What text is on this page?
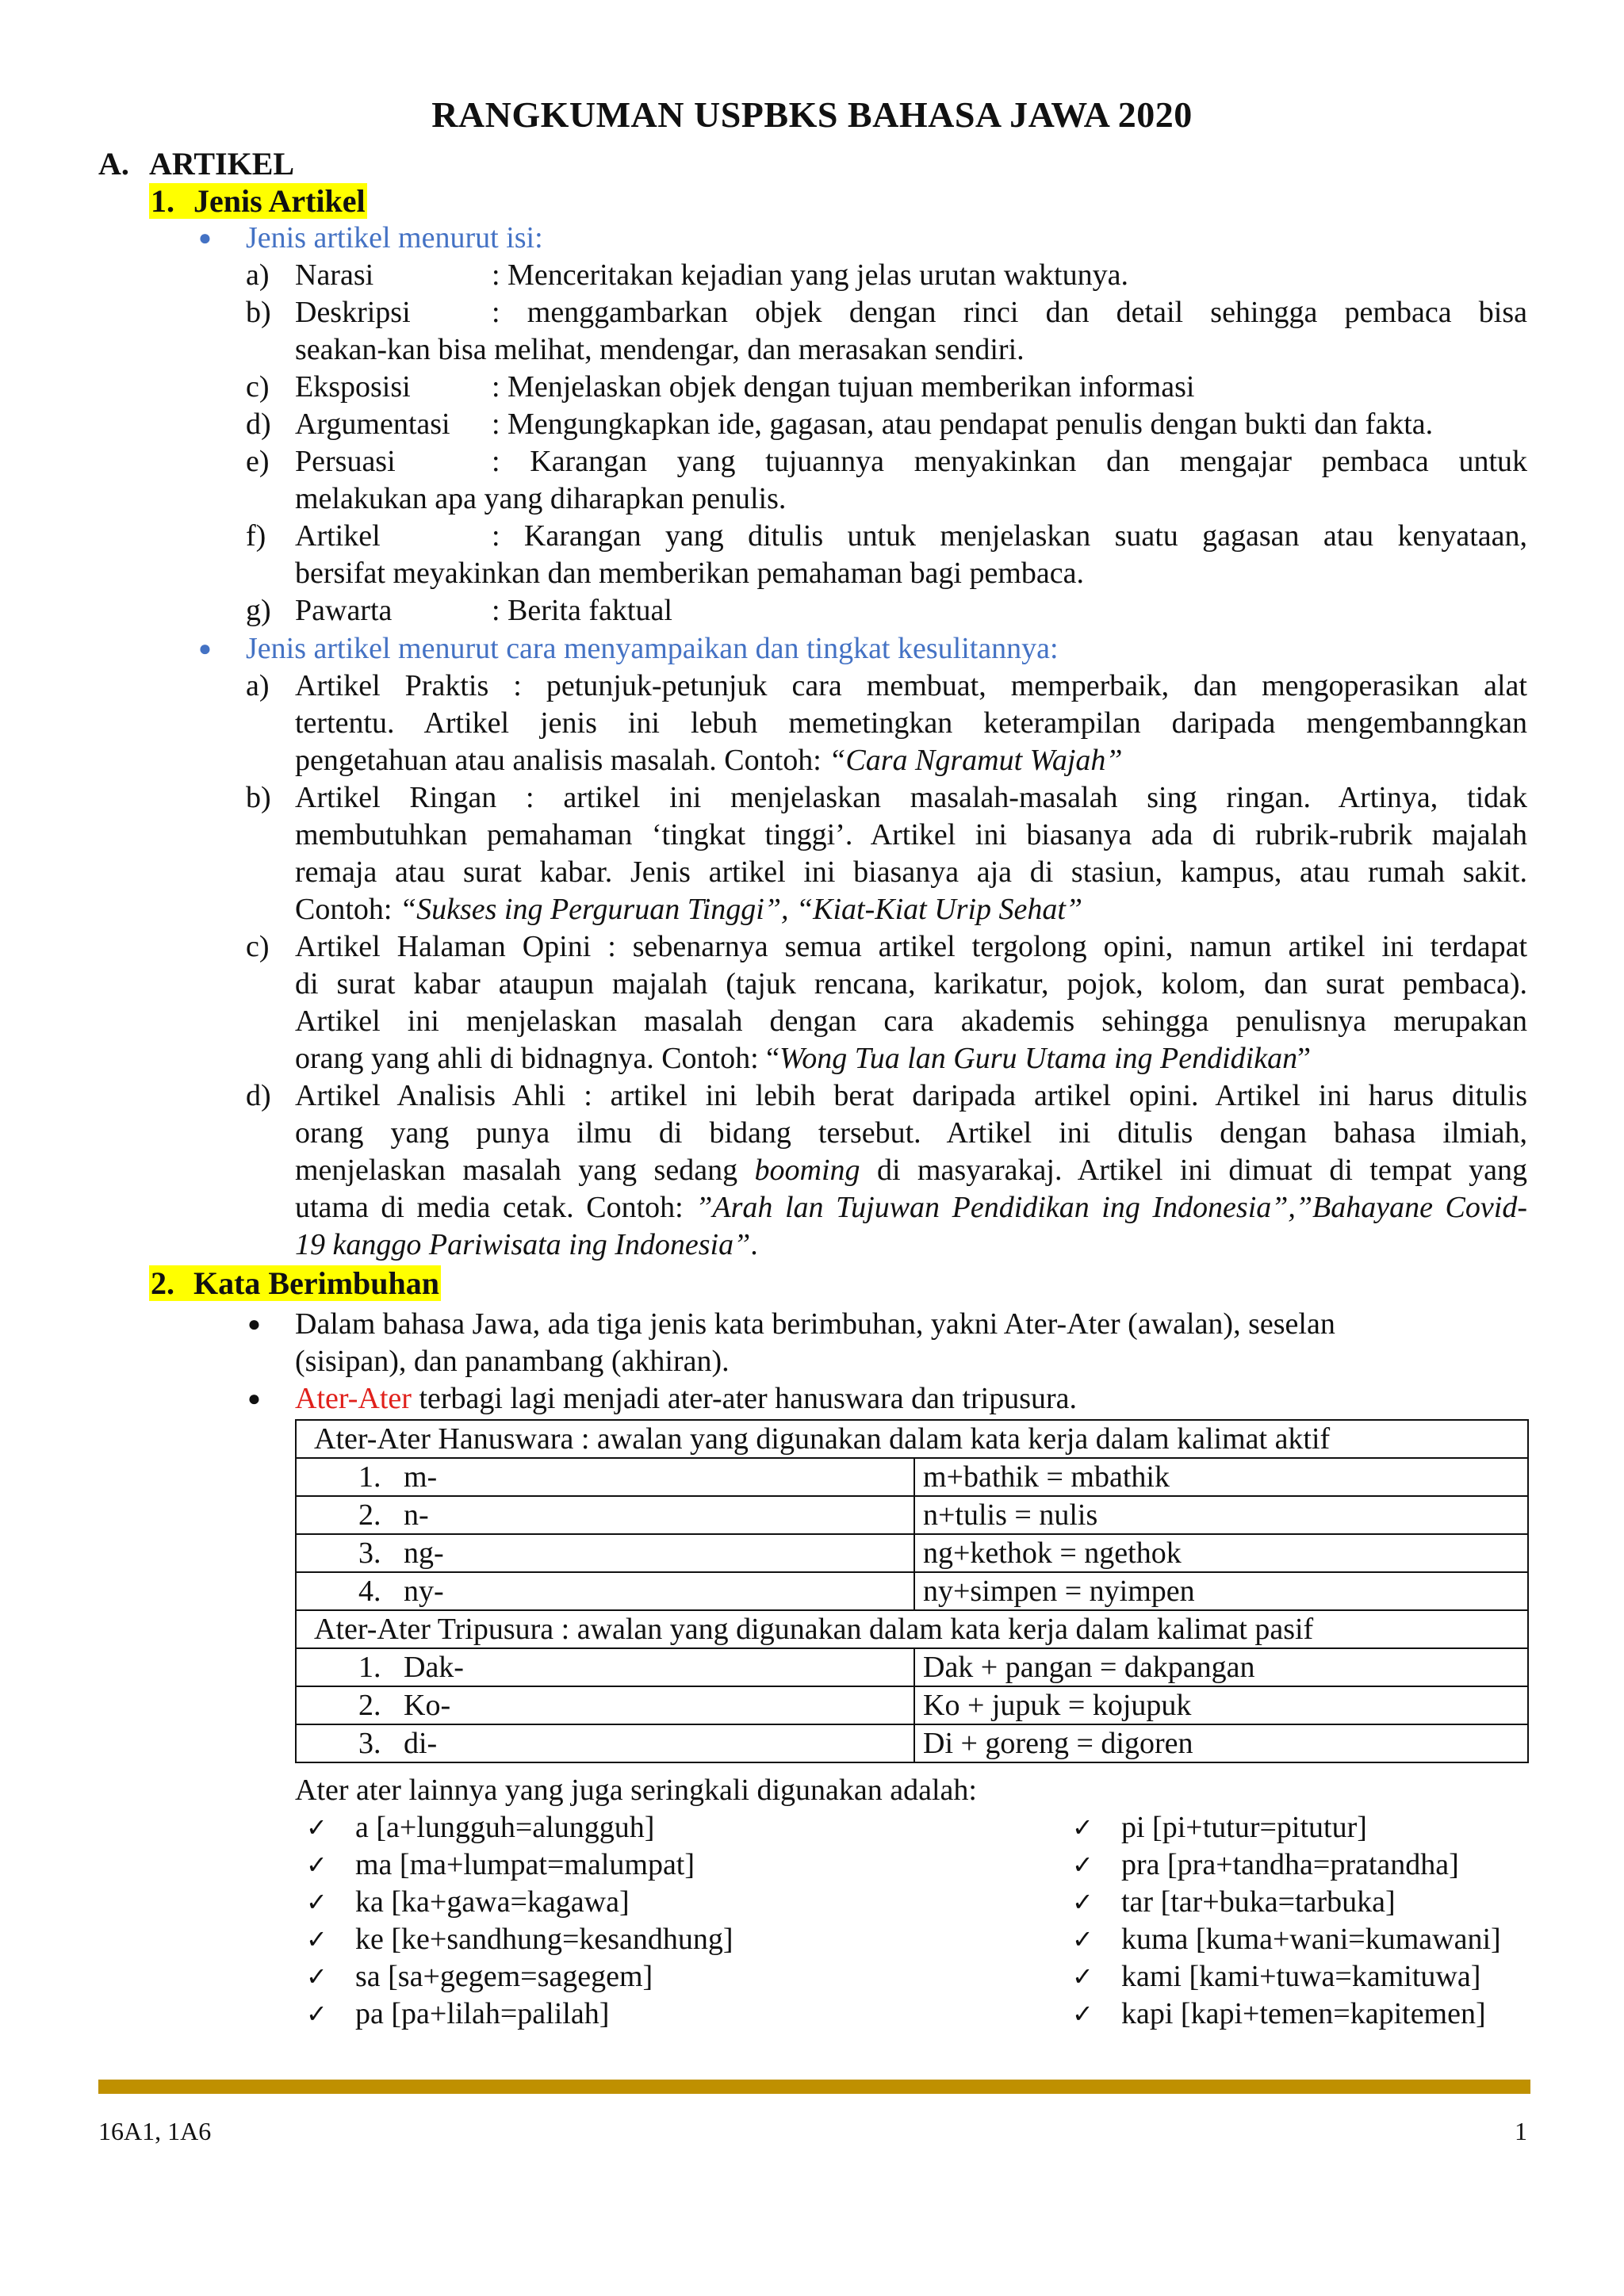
RANGKUMAN USPBKS BAHASA JAWA 2020
A. ARTIKEL
1. Jenis Artikel
● Jenis artikel menurut isi:
a) Narasi	: Menceritakan kejadian yang jelas urutan waktunya.
b) Deskripsi	: menggambarkan objek dengan rinci dan detail sehingga pembaca bisa
seakan-kan bisa melihat, mendengar, dan merasakan sendiri.
c) Eksposisi	: Menjelaskan objek dengan tujuan memberikan informasi
d) Argumentasi : Mengungkapkan ide, gagasan, atau pendapat penulis dengan bukti dan fakta.
e) Persuasi	: Karangan yang tujuannya menyakinkan dan mengajar pembaca untuk
melakukan apa yang diharapkan penulis.
f) Artikel	: Karangan yang ditulis untuk menjelaskan suatu gagasan atau kenyataan,
bersifat meyakinkan dan memberikan pemahaman bagi pembaca.
g) Pawarta	: Berita faktual
● Jenis artikel menurut cara menyampaikan dan tingkat kesulitannya:
a) Artikel Praktis : petunjuk-petunjuk cara membuat, memperbaik, dan mengoperasikan alat
tertentu. Artikel jenis ini lebuh memetingkan keterampilan daripada mengembanngkan
pengetahuan atau analisis masalah. Contoh: “Cara Ngramut Wajah”
b) Artikel Ringan : artikel ini menjelaskan masalah-masalah sing ringan. Artinya, tidak
membutuhkan pemahaman ‘tingkat tinggi’. Artikel ini biasanya ada di rubrik-rubrik majalah
remaja atau surat kabar. Jenis artikel ini biasanya aja di stasiun, kampus, atau rumah sakit.
Contoh: “Sukses ing Perguruan Tinggi”, “Kiat-Kiat Urip Sehat”
c) Artikel Halaman Opini : sebenarnya semua artikel tergolong opini, namun artikel ini terdapat
di surat kabar ataupun majalah (tajuk rencana, karikatur, pojok, kolom, dan surat pembaca).
Artikel ini menjelaskan masalah dengan cara akademis sehingga penulisnya merupakan
orang yang ahli di bidnagnya. Contoh: “Wong Tua lan Guru Utama ing Pendidikan”
d) Artikel Analisis Ahli : artikel ini lebih berat daripada artikel opini. Artikel ini harus ditulis
orang yang punya ilmu di bidang tersebut. Artikel ini ditulis dengan bahasa ilmiah,
menjelaskan masalah yang sedang booming di masyarakaj. Artikel ini dimuat di tempat yang
utama di media cetak. Contoh: ”Arah lan Tujuwan Pendidikan ing Indonesia”,”Bahayane Covid-
19 kanggo Pariwisata ing Indonesia”.
2. Kata Berimbuhan
● Dalam bahasa Jawa, ada tiga jenis kata berimbuhan, yakni Ater-Ater (awalan), seselan
(sisipan), dan panambang (akhiran).
● Ater-Ater terbagi lagi menjadi ater-ater hanuswara dan tripusura.
Ater-Ater Hanuswara : awalan yang digunakan dalam kata kerja dalam kalimat aktif	
1. m-	m+bathik = mbathik
2. n-	n+tulis = nulis
3. ng-	ng+kethok = ngethok
4. ny-	ny+simpen = nyimpen
Ater-Ater Tripusura : awalan yang digunakan dalam kata kerja dalam kalimat pasif	
1. Dak-	Dak + pangan = dakpangan
2. Ko-	Ko + jupuk = kojupuk
3. di-	Di + goreng = digoren
Ater ater lainnya yang juga seringkali digunakan adalah:
✓ a [a+lungguh=alungguh]
✓ ma [ma+lumpat=malumpat]
✓ ka [ka+gawa=kagawa]
✓ ke [ke+sandhung=kesandhung]
✓ sa [sa+gegem=sagegem]
✓ pa [pa+lilah=palilah]
✓ pi [pi+tutur=pitutur]
✓ pra [pra+tandha=pratandha]
✓ tar [tar+buka=tarbuka]
✓ kuma [kuma+wani=kumawani]
✓ kami [kami+tuwa=kamituwa]
✓ kapi [kapi+temen=kapitemen]
16A1, 1A6	1
